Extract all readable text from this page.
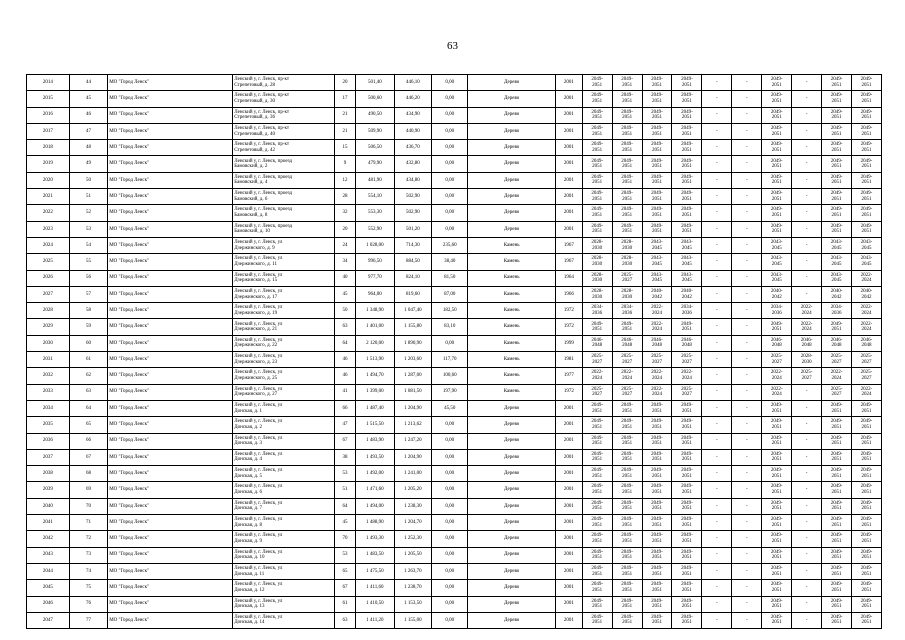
63
2014	44	МО "Город Ленск"	Ленский у, г. Ленск, пр-кт
Стрепетовый, д. 28	20	501,40	446,10	0,00	Дерево	2001	2049-
2051	2049-
2051	2049-
2051	2049-
2051	-	-	2049-
2051	-	2049-
2051	2049-
2051

2015	45	МО "Город Ленск"	Ленский у, г. Ленск, пр-кт
Стрепетовый, д. 30	17	500,60	446,20	0,00	Дерево	2001	2049-
2051	2049-
2051	2049-
2051	2049-
2051	-	-	2049-
2051	-	2049-
2051	2049-
2051

2016	46	МО "Город Ленск"	Ленский у, г. Ленск, пр-кт
Стрепетовый, д. 36	21	490,50	434,90	0,00	Дерево	2001	2049-
2051	2049-
2051	2049-
2051	2049-
2051	-	-	2049-
2051	-	2049-
2051	2049-
2051

2017	47	МО "Город Ленск"	Ленский у, г. Ленск, пр-кт
Стрепетовый, д. 40	21	509,90	440,90	0,00	Дерево	2001	2049-
2051	2049-
2051	2049-
2051	2049-
2051	-	-	2049-
2051	-	2049-
2051	2049-
2051

2018	48	МО "Город Ленск"	Ленский у, г. Ленск, пр-кт
Стрепетовый, д. 42	15	506,50	436,70	0,00	Дерево	2001	2049-
2051	2049-
2051	2049-
2051	2049-
2051	-	-	2049-
2051	-	2049-
2051	2049-
2051

2019	49	МО "Город Ленск"	Ленский у, г. Ленск, проезд
Бамовский, д. 2	9	479,90	432,80	0,00	Дерево	2001	2049-
2051	2049-
2051	2049-
2051	2049-
2051	-	-	2049-
2051	-	2049-
2051	2049-
2051

2020	50	МО "Город Ленск"	Ленский у, г. Ленск, проезд
Бамовский, д. 4	12	481,90	434,80	0,00	Дерево	2001	2049-
2051	2049-
2051	2049-
2051	2049-
2051	-	-	2049-
2051	-	2049-
2051	2049-
2051

2021	51	МО "Город Ленск"	Ленский у, г. Ленск, проезд
Бамовский, д. 6	28	554,10	502,90	0,00	Дерево	2001	2049-
2051	2049-
2051	2049-
2051	2049-
2051	-	-	2049-
2051	-	2049-
2051	2049-
2051

2022	52	МО "Город Ленск"	Ленский у, г. Ленск, проезд
Бамовский, д. 8	32	553,30	502,90	0,00	Дерево	2001	2049-
2051	2049-
2051	2049-
2051	2049-
2051	-	-	2049-
2051	-	2049-
2051	2049-
2051

2023	53	МО "Город Ленск"	Ленский у, г. Ленск, проезд
Бамовский, д. 10	20	552,90	501,20	0,00	Дерево	2001	2049-
2051	2049-
2051	2049-
2051	2049-
2051	-	-	2049-
2051	-	2049-
2051	2049-
2051

2024	54	МО "Город Ленск"	Ленский у, г. Ленск, ул
Дзержинского, д. 9	24	1 028,00	714,30	235,60	Камень	1967	2028-
2030	2028-
2030	2043-
2045	2043-
2045	-	-	2043-
2045	-	2043-
2045	2043-
2045

2025	55	МО "Город Ленск"	Ленский у, г. Ленск, ул
Дзержинского, д. 11	34	996,50	884,50	38,40	Камень	1967	2028-
2030	2028-
2030	2043-
2045	2043-
2045	-	-	2043-
2045	-	2043-
2045	2043-
2045

2026	56	МО "Город Ленск"	Ленский у, г. Ленск, ул
Дзержинского, д. 15	40	977,70	824,10	81,50	Камень	1964	2028-
2030	2025-
2027	2043-
2045	2043-
2045	-	-	2043-
2045	-	2043-
2045	2022-
2024

2027	57	МО "Город Ленск"	Ленский у, г. Ленск, ул
Дзержинского, д. 17	45	964,00	819,60	87,00	Камень	1966	2028-
2030	2028-
2030	2040-
2042	2040-
2042	-	-	2040-
2042	-	2040-
2042	2040-
2042

2028	58	МО "Город Ленск"	Ленский у, г. Ленск, ул
Дзержинского, д. 19	50	1 348,90	1 047,40	182,50	Камень	1972	2034-
2036	2034-
2036	2022-
2024	2034-
2036	-	-	2034-
2036	2022-
2024	2034-
2036	2022-
2024

2029	59	МО "Город Ленск"	Ленский у, г. Ленск, ул
Дзержинского, д. 21	63	1 401,00	1 155,80	83,10	Камень	1972	2049-
2051	2049-
2051	2022-
2024	2049-
2051	-	-	2049-
2051	2022-
2024	2049-
2051	2022-
2024

2030	60	МО "Город Ленск"	Ленский у, г. Ленск, ул
Дзержинского, д. 22	64	2 120,00	1 890,90	0,00	Камень	1999	2046-
2048	2046-
2048	2046-
2048	2046-
2048	-	-	2046-
2048	2046-
2048	2046-
2048	2046-
2048

2031	61	МО "Город Ленск"	Ленский у, г. Ленск, ул
Дзержинского, д. 23	46	1 513,90	1 203,60	117,70	Камень	1981	2025-
2027	2025-
2027	2025-
2027	2025-
2027	-	-	2025-
2027	2028-
2030	2025-
2027	2025-
2027

2032	62	МО "Город Ленск"	Ленский у, г. Ленск, ул
Дзержинского, д. 25	46	1 494,70	1 287,00	100,60	Камень	1977	2022-
2024	2022-
2024	2022-
2024	2022-
2024	-	-	2022-
2024	2025-
2027	2022-
2024	2025-
2027

2033	63	МО "Город Ленск"	Ленский у, г. Ленск, ул
Дзержинского, д. 27	41	1 399,00	1 081,50	197,90	Камень	1972	2025-
2027	2025-
2027	2022-
2024	2025-
2027	-	-	2022-
2024	-	2025-
2027	2022-
2024

2034	64	МО "Город Ленск"	Ленский у, г. Ленск, ул
Донская, д. 1	66	1 487,40	1 204,90	45,50	Дерево	2001	2049-
2051	2049-
2051	2049-
2051	2049-
2051	-	-	2049-
2051	-	2049-
2051	2049-
2051

2035	65	МО "Город Ленск"	Ленский у, г. Ленск, ул
Донская, д. 2	47	1 515,50	1 213,62	0,00	Дерево	2001	2049-
2051	2049-
2051	2049-
2051	2049-
2051	-	-	2049-
2051	-	2049-
2051	2049-
2051

2036	66	МО "Город Ленск"	Ленский у, г. Ленск, ул
Донская, д. 3	67	1 483,90	1 247,20	0,00	Дерево	2001	2049-
2051	2049-
2051	2049-
2051	2049-
2051	-	-	2049-
2051	-	2049-
2051	2049-
2051

2037	67	МО "Город Ленск"	Ленский у, г. Ленск, ул
Донская, д. 4	38	1 493,50	1 204,90	0,00	Дерево	2001	2049-
2051	2049-
2051	2049-
2051	2049-
2051	-	-	2049-
2051	-	2049-
2051	2049-
2051

2038	68	МО "Город Ленск"	Ленский у, г. Ленск, ул
Донская, д. 5	53	1 492,00	1 241,00	0,00	Дерево	2001	2049-
2051	2049-
2051	2049-
2051	2049-
2051	-	-	2049-
2051	-	2049-
2051	2049-
2051

2039	69	МО "Город Ленск"	Ленский у, г. Ленск, ул
Донская, д. 6	51	1 471,60	1 205,20	0,00	Дерево	2001	2049-
2051	2049-
2051	2049-
2051	2049-
2051	-	-	2049-
2051	-	2049-
2051	2049-
2051

2040	70	МО "Город Ленск"	Ленский у, г. Ленск, ул
Донская, д. 7	64	1 494,00	1 238,30	0,00	Дерево	2001	2049-
2051	2049-
2051	2049-
2051	2049-
2051	-	-	2049-
2051	-	2049-
2051	2049-
2051

2041	71	МО "Город Ленск"	Ленский у, г. Ленск, ул
Донская, д. 8	45	1 488,90	1 204,70	0,00	Дерево	2001	2049-
2051	2049-
2051	2049-
2051	2049-
2051	-	-	2049-
2051	-	2049-
2051	2049-
2051

2042	72	МО "Город Ленск"	Ленский у, г. Ленск, ул
Донская, д. 9	70	1 493,30	1 252,30	0,00	Дерево	2001	2049-
2051	2049-
2051	2049-
2051	2049-
2051	-	-	2049-
2051	-	2049-
2051	2049-
2051

2043	73	МО "Город Ленск"	Ленский у, г. Ленск, ул
Донская, д. 10	53	1 483,50	1 205,50	0,00	Дерево	2001	2049-
2051	2049-
2051	2049-
2051	2049-
2051	-	-	2049-
2051	-	2049-
2051	2049-
2051

2044	74	МО "Город Ленск"	Ленский у, г. Ленск, ул
Донская, д. 11	65	1 475,50	1 263,70	0,00	Дерево	2001	2049-
2051	2049-
2051	2049-
2051	2049-
2051	-	-	2049-
2051	-	2049-
2051	2049-
2051

2045	75	МО "Город Ленск"	Ленский у, г. Ленск, ул
Донская, д. 12	67	1 411,60	1 238,70	0,00	Дерево	2001	2049-
2051	2049-
2051	2049-
2051	2049-
2051	-	-	2049-
2051	-	2049-
2051	2049-
2051

2046	76	МО "Город Ленск"	Ленский у, г. Ленск, ул
Донская, д. 13	61	1 410,50	1 153,50	0,00	Дерево	2001	2049-
2051	2049-
2051	2049-
2051	2049-
2051	-	-	2049-
2051	-	2049-
2051	2049-
2051

2047	77	МО "Город Ленск"	Ленский у, г. Ленск, ул
Донская, д. 14	63	1 411,20	1 155,00	0,00	Дерево	2001	2049-
2051	2049-
2051	2049-
2051	2049-
2051	-	-	2049-
2051	-	2049-
2051	2049-
2051
